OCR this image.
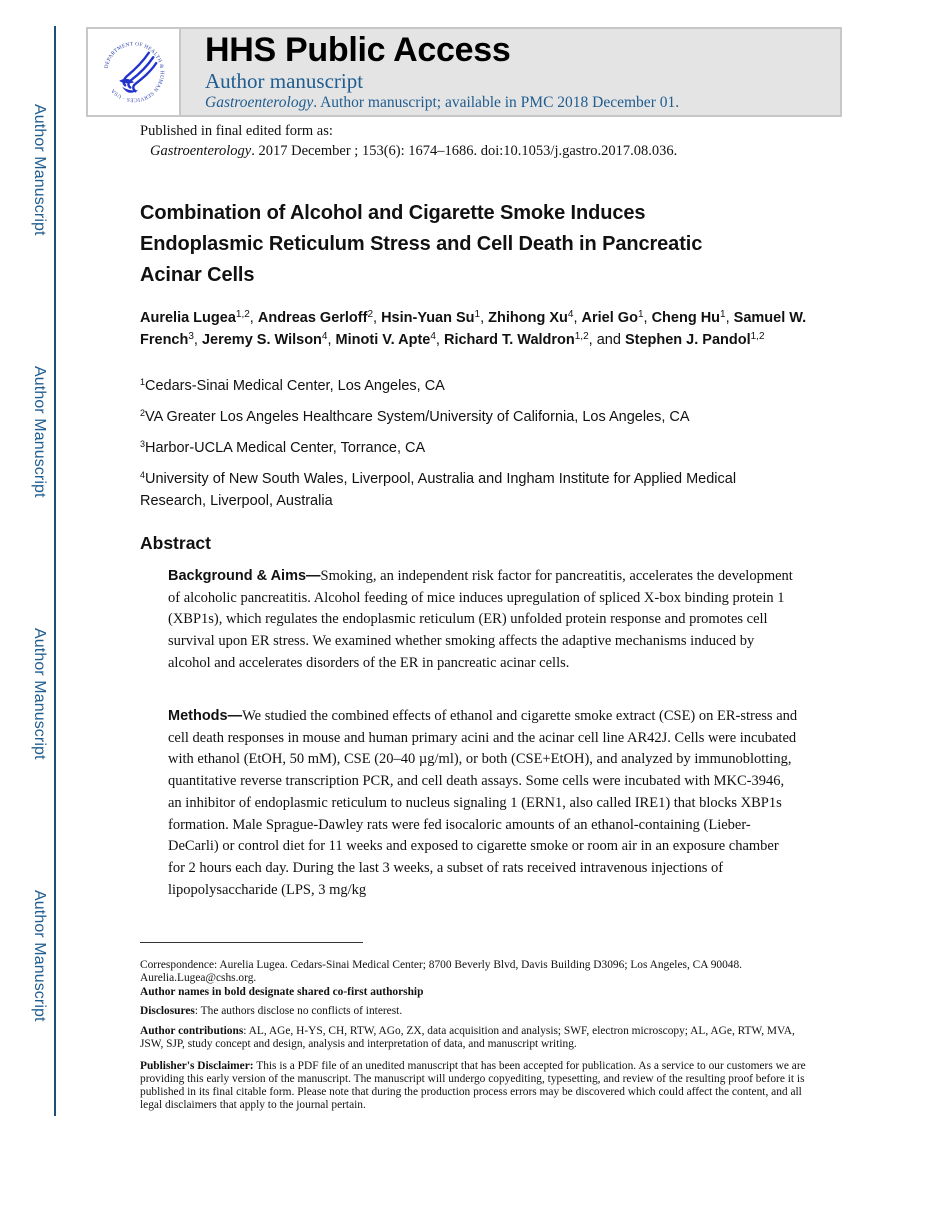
Author Manuscript
Author Manuscript
Author Manuscript
Author Manuscript
DEPARTMENT OF HEALTH & HUMAN SERVICES · USA
HHS Public Access
Author manuscript
Gastroenterology. Author manuscript; available in PMC 2018 December 01.
Published in final edited form as:
Gastroenterology. 2017 December ; 153(6): 1674–1686. doi:10.1053/j.gastro.2017.08.036.
Combination of Alcohol and Cigarette Smoke Induces
Endoplasmic Reticulum Stress and Cell Death in Pancreatic
Acinar Cells
Aurelia Lugea$^{1,2}$, Andreas Gerloff$^2$, Hsin-Yuan Su$^1$, Zhihong Xu$^4$, Ariel Go$^1$, Cheng Hu$^1$, Samuel W. French$^3$, Jeremy S. Wilson$^4$, Minoti V. Apte$^4$, Richard T. Waldron$^{1,2}$, and Stephen J. Pandol$^{1,2}$
$^1$Cedars-Sinai Medical Center, Los Angeles, CA
$^2$VA Greater Los Angeles Healthcare System/University of California, Los Angeles, CA
$^3$Harbor-UCLA Medical Center, Torrance, CA
$^4$University of New South Wales, Liverpool, Australia and Ingham Institute for Applied Medical Research, Liverpool, Australia
Abstract
Background & Aims—Smoking, an independent risk factor for pancreatitis, accelerates the development of alcoholic pancreatitis. Alcohol feeding of mice induces upregulation of spliced X-box binding protein 1 (XBP1s), which regulates the endoplasmic reticulum (ER) unfolded protein response and promotes cell survival upon ER stress. We examined whether smoking affects the adaptive mechanisms induced by alcohol and accelerates disorders of the ER in pancreatic acinar cells.
Methods—We studied the combined effects of ethanol and cigarette smoke extract (CSE) on ER-stress and cell death responses in mouse and human primary acini and the acinar cell line AR42J. Cells were incubated with ethanol (EtOH, 50 mM), CSE (20–40 µg/ml), or both (CSE+EtOH), and analyzed by immunoblotting, quantitative reverse transcription PCR, and cell death assays. Some cells were incubated with MKC-3946, an inhibitor of endoplasmic reticulum to nucleus signaling 1 (ERN1, also called IRE1) that blocks XBP1s formation. Male Sprague-Dawley rats were fed isocaloric amounts of an ethanol-containing (Lieber-DeCarli) or control diet for 11 weeks and exposed to cigarette smoke or room air in an exposure chamber for 2 hours each day. During the last 3 weeks, a subset of rats received intravenous injections of lipopolysaccharide (LPS, 3 mg/kg
Correspondence: Aurelia Lugea. Cedars-Sinai Medical Center; 8700 Beverly Blvd, Davis Building D3096; Los Angeles, CA 90048. Aurelia.Lugea@cshs.org.
Author names in bold designate shared co-first authorship
Disclosures: The authors disclose no conflicts of interest.
Author contributions: AL, AGe, H-YS, CH, RTW, AGo, ZX, data acquisition and analysis; SWF, electron microscopy; AL, AGe, RTW, MVA, JSW, SJP, study concept and design, analysis and interpretation of data, and manuscript writing.
Publisher's Disclaimer: This is a PDF file of an unedited manuscript that has been accepted for publication. As a service to our customers we are providing this early version of the manuscript. The manuscript will undergo copyediting, typesetting, and review of the resulting proof before it is published in its final citable form. Please note that during the production process errors may be discovered which could affect the content, and all legal disclaimers that apply to the journal pertain.
